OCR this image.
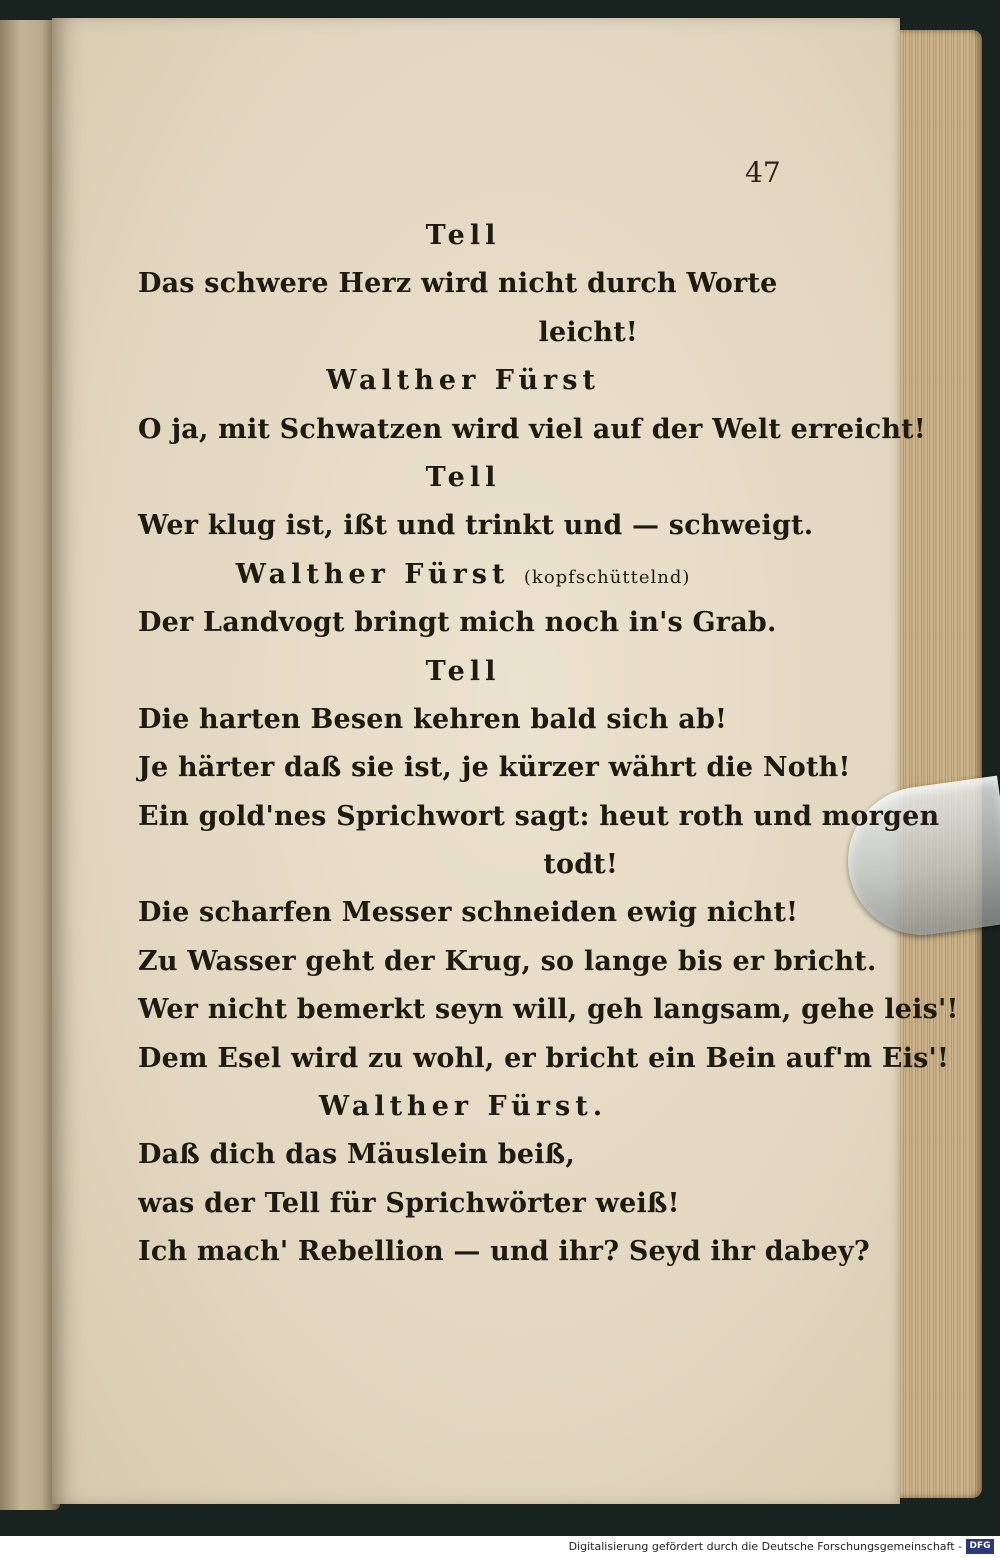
47
Tell
Das schwere Herz wird nicht durch Worte
leicht!
Walther Fürst
O ja, mit Schwatzen wird viel auf der Welt erreicht!
Tell
Wer klug ist, ißt und trinkt und — schweigt.
Walther Fürst (kopfschüttelnd)
Der Landvogt bringt mich noch in's Grab.
Tell
Die harten Besen kehren bald sich ab!
Je härter daß sie ist, je kürzer währt die Noth!
Ein gold'nes Sprichwort sagt: heut roth und morgen
todt!
Die scharfen Messer schneiden ewig nicht!
Zu Wasser geht der Krug, so lange bis er bricht.
Wer nicht bemerkt seyn will, geh langsam, gehe leis'!
Dem Esel wird zu wohl, er bricht ein Bein auf'm Eis'!
Walther Fürst.
Daß dich das Mäuslein beiß,
was der Tell für Sprichwörter weiß!
Ich mach' Rebellion — und ihr? Seyd ihr dabey?
Digitalisierung gefördert durch die Deutsche Forschungsgemeinschaft - DFG
